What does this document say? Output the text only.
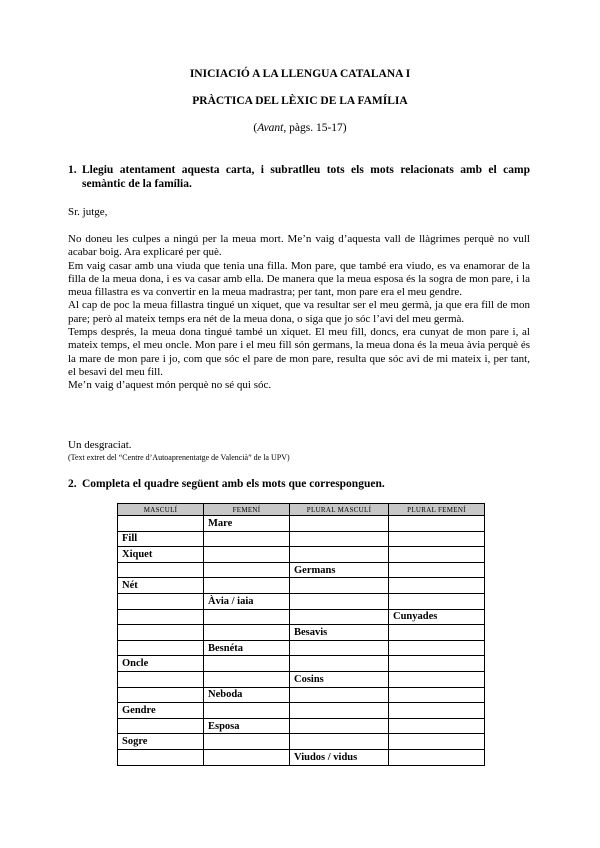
INICIACIÓ A LA LLENGUA CATALANA I
PRÀCTICA DEL LÈXIC DE LA FAMÍLIA
(Avant, pàgs. 15-17)
1. Llegiu atentament aquesta carta, i subratlleu tots els mots relacionats amb el camp semàntic de la família.
Sr. jutge,

No doneu les culpes a ningú per la meua mort. Me’n vaig d’aquesta vall de llàgrimes perquè no vull acabar boig. Ara explicaré per què.

Em vaig casar amb una viuda que tenia una filla. Mon pare, que també era viudo, es va enamorar de la filla de la meua dona, i es va casar amb ella. De manera que la meua esposa és la sogra de mon pare, i la meua fillastra es va convertir en la meua madrastra; per tant, mon pare era el meu gendre.

Al cap de poc la meua fillastra tingué un xiquet, que va resultar ser el meu germà, ja que era fill de mon pare; però al mateix temps era nét de la meua dona, o siga que jo sóc l’avi del meu germà.

Temps després, la meua dona tingué també un xiquet. El meu fill, doncs, era cunyat de mon pare i, al mateix temps, el meu oncle. Mon pare i el meu fill són germans, la meua dona és la meua àvia perquè és la mare de mon pare i jo, com que sóc el pare de mon pare, resulta que sóc avi de mi mateix i, per tant, el besavi del meu fill.

Me’n vaig d’aquest món perquè no sé qui sóc.

Un desgraciat.
(Text extret del “Centre d’Autoaprenentatge de Valencià” de la UPV)
2. Completa el quadre següent amb els mots que corresponguen.
MASCULÍ	FEMENÍ	PLURAL MASCULÍ	PLURAL FEMENÍ
	Mare		
Fill			
Xiquet			
		Germans	
Nét			
	Àvia / iaia		
			Cunyades
		Besavis	
	Besnéta		
Oncle			
		Cosins	
	Neboda		
Gendre			
	Esposa		
Sogre			
		Viudos / vidus	
